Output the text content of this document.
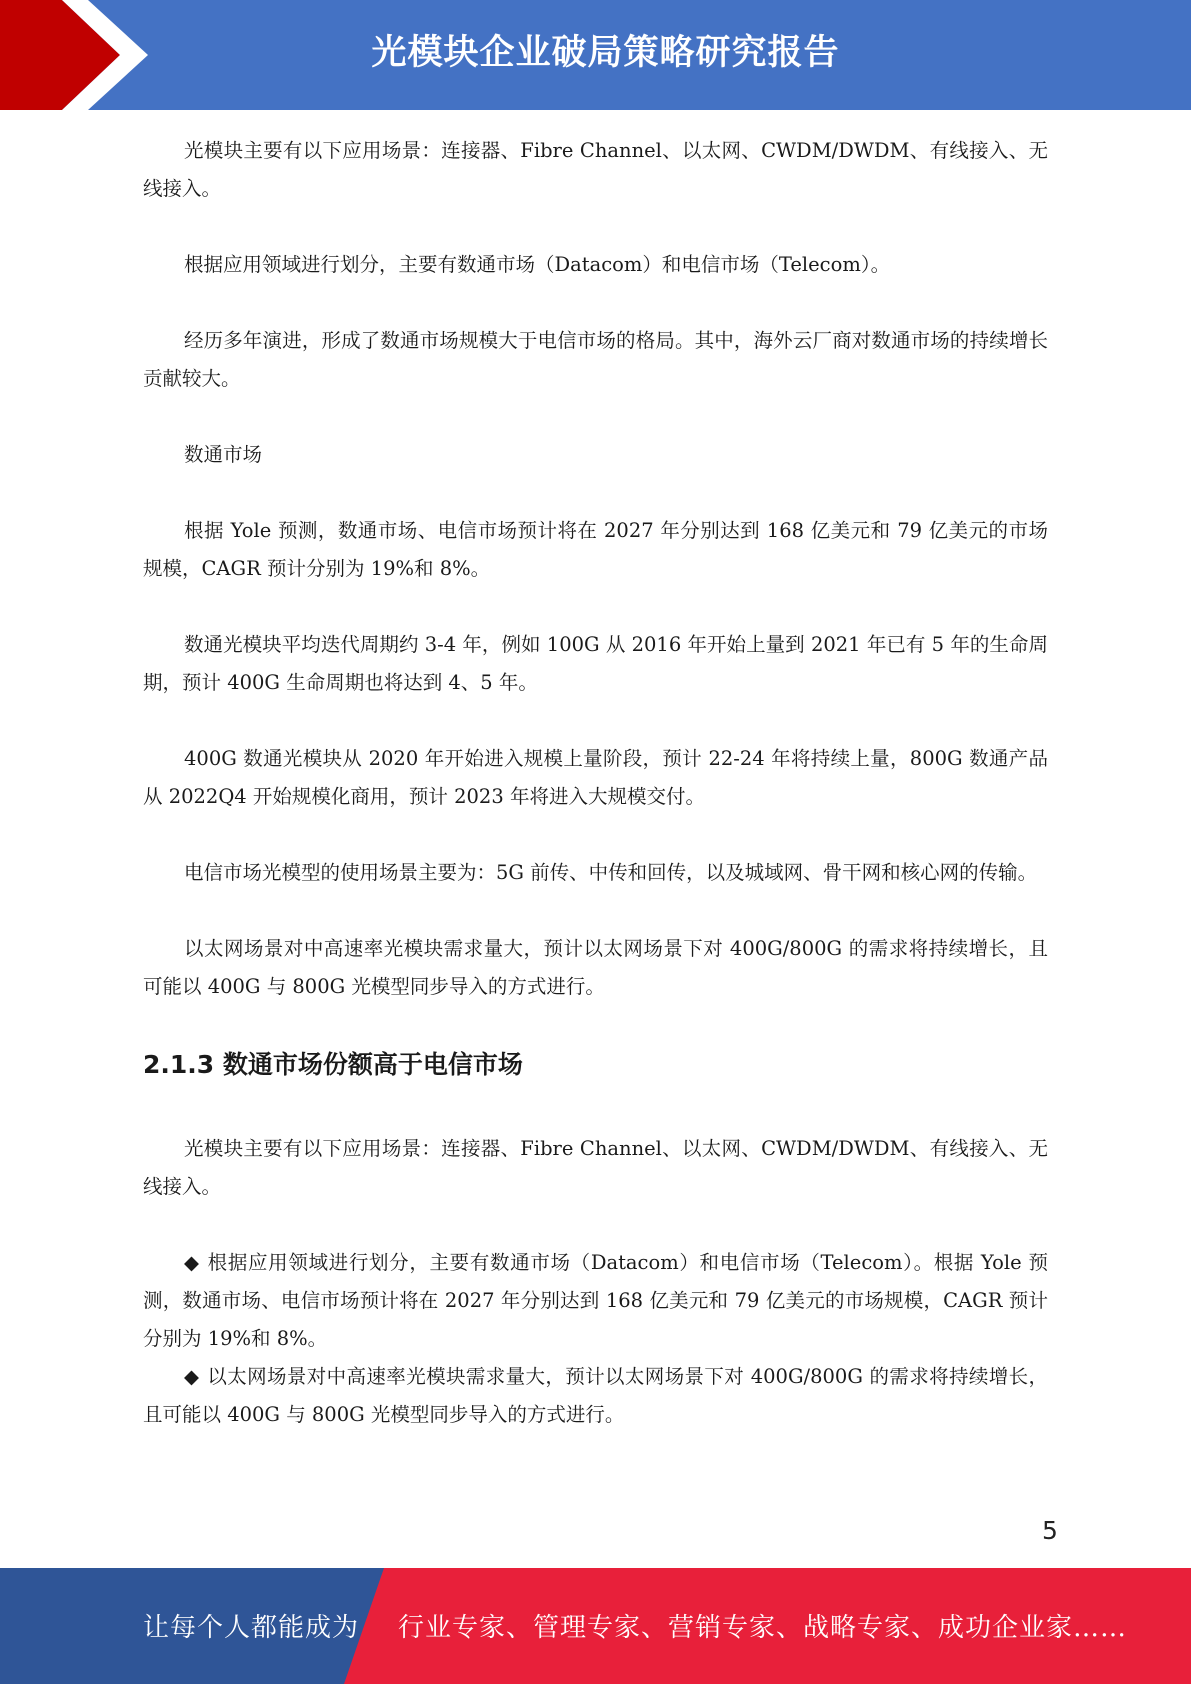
光模块企业破局策略研究报告

光模块主要有以下应用场景：连接器、Fibre Channel、以太网、CWDM/DWDM、有线接入、无线接入。

根据应用领域进行划分，主要有数通市场（Datacom）和电信市场（Telecom）。

经历多年演进，形成了数通市场规模大于电信市场的格局。其中，海外云厂商对数通市场的持续增长贡献较大。

数通市场

根据 Yole 预测，数通市场、电信市场预计将在 2027 年分别达到 168 亿美元和 79 亿美元的市场规模，CAGR 预计分别为 19%和 8%。

数通光模块平均迭代周期约 3-4 年，例如 100G 从 2016 年开始上量到 2021 年已有 5 年的生命周期，预计 400G 生命周期也将达到 4、5 年。

400G 数通光模块从 2020 年开始进入规模上量阶段，预计 22-24 年将持续上量，800G 数通产品从 2022Q4 开始规模化商用，预计 2023 年将进入大规模交付。

电信市场光模型的使用场景主要为：5G 前传、中传和回传，以及城域网、骨干网和核心网的传输。

以太网场景对中高速率光模块需求量大，预计以太网场景下对 400G/800G 的需求将持续增长，且可能以 400G 与 800G 光模型同步导入的方式进行。

2.1.3 数通市场份额高于电信市场

光模块主要有以下应用场景：连接器、Fibre Channel、以太网、CWDM/DWDM、有线接入、无线接入。

◆ 根据应用领域进行划分，主要有数通市场（Datacom）和电信市场（Telecom）。根据 Yole 预测，数通市场、电信市场预计将在 2027 年分别达到 168 亿美元和 79 亿美元的市场规模，CAGR 预计分别为 19%和 8%。

◆ 以太网场景对中高速率光模块需求量大，预计以太网场景下对 400G/800G 的需求将持续增长，且可能以 400G 与 800G 光模型同步导入的方式进行。

5
让每个人都能成为 行业专家、管理专家、营销专家、战略专家、成功企业家……
